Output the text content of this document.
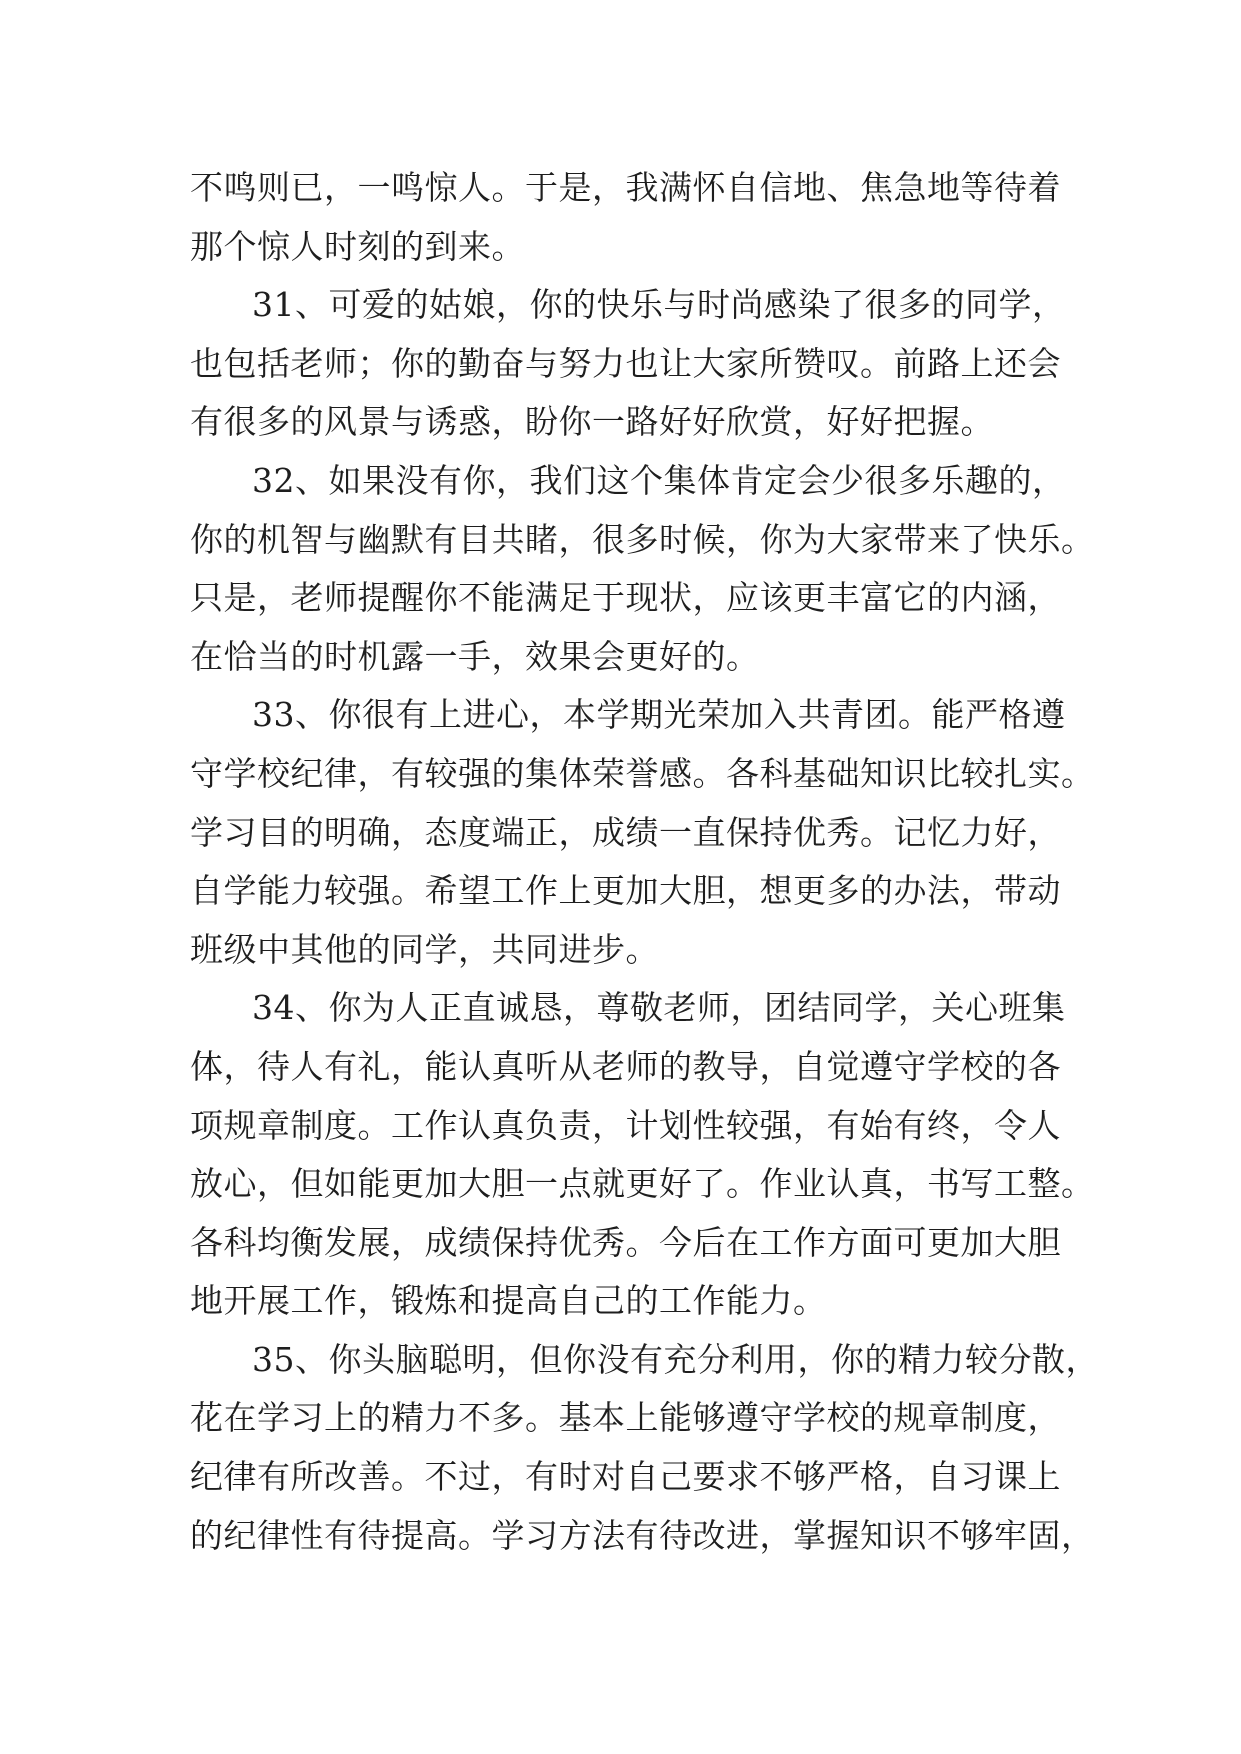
不鸣则已，一鸣惊人。于是，我满怀自信地、焦急地等待着
那个惊人时刻的到来。
31、可爱的姑娘，你的快乐与时尚感染了很多的同学，
也包括老师；你的勤奋与努力也让大家所赞叹。前路上还会
有很多的风景与诱惑，盼你一路好好欣赏，好好把握。
32、如果没有你，我们这个集体肯定会少很多乐趣的，
你的机智与幽默有目共睹，很多时候，你为大家带来了快乐。
只是，老师提醒你不能满足于现状，应该更丰富它的内涵，
在恰当的时机露一手，效果会更好的。
33、你很有上进心，本学期光荣加入共青团。能严格遵
守学校纪律，有较强的集体荣誉感。各科基础知识比较扎实。
学习目的明确，态度端正，成绩一直保持优秀。记忆力好，
自学能力较强。希望工作上更加大胆，想更多的办法，带动
班级中其他的同学，共同进步。
34、你为人正直诚恳，尊敬老师，团结同学，关心班集
体，待人有礼，能认真听从老师的教导，自觉遵守学校的各
项规章制度。工作认真负责，计划性较强，有始有终，令人
放心，但如能更加大胆一点就更好了。作业认真，书写工整。
各科均衡发展，成绩保持优秀。今后在工作方面可更加大胆
地开展工作，锻炼和提高自己的工作能力。
35、你头脑聪明，但你没有充分利用，你的精力较分散，
花在学习上的精力不多。基本上能够遵守学校的规章制度，
纪律有所改善。不过，有时对自己要求不够严格，自习课上
的纪律性有待提高。学习方法有待改进，掌握知识不够牢固，
